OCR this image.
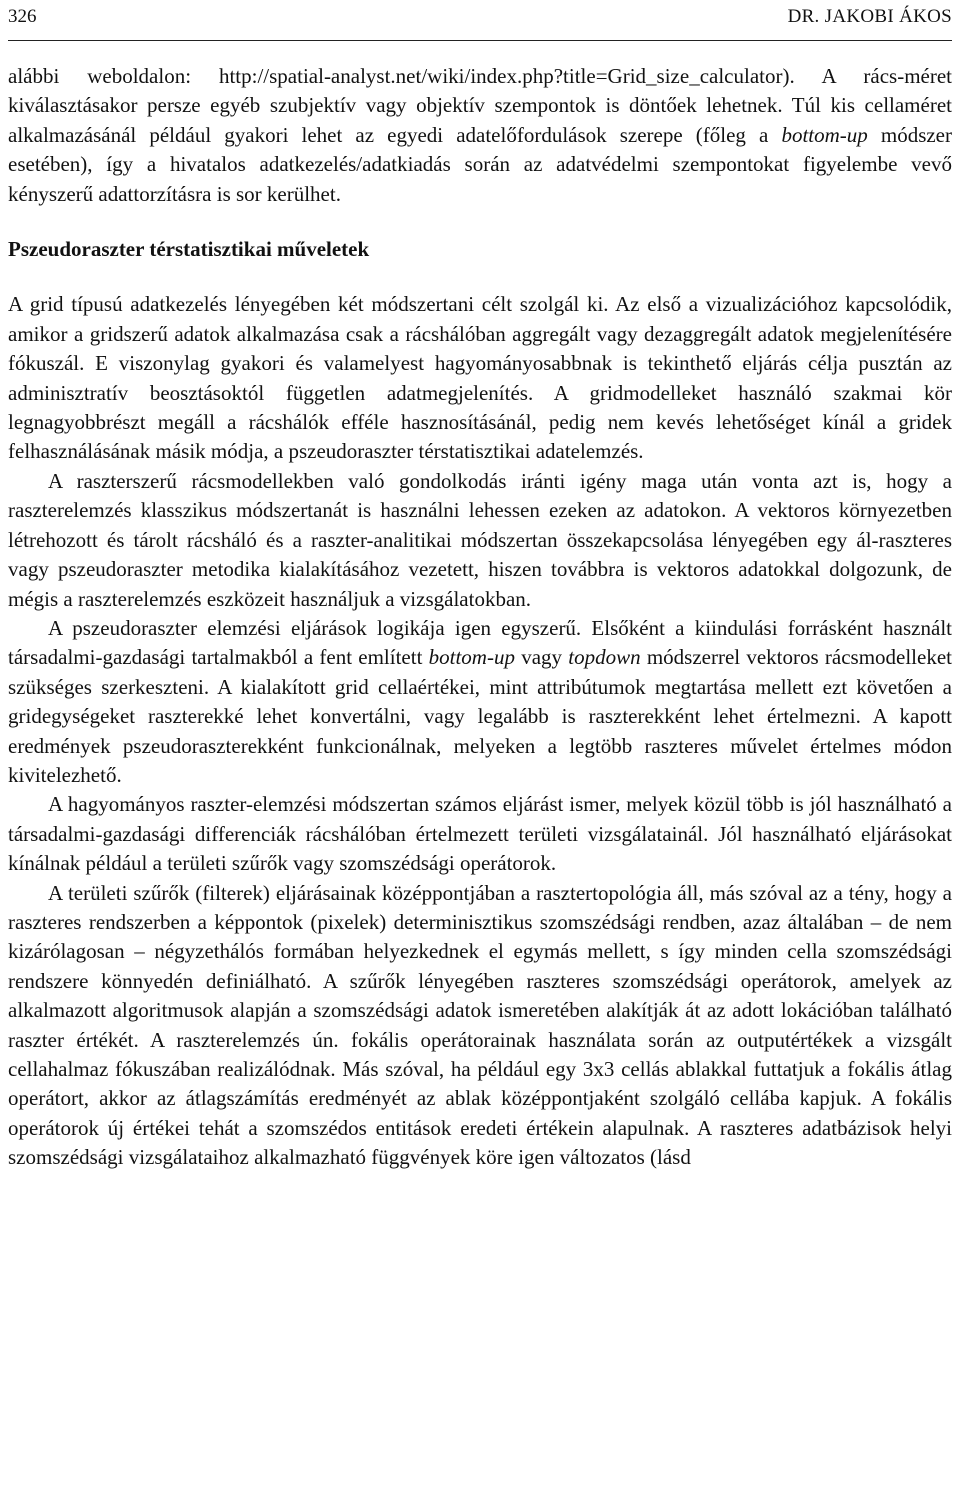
326	DR. JAKOBI ÁKOS

alábbi weboldalon: http://spatial-analyst.net/wiki/index.php?title=Grid_size_calculator). A rács-méret kiválasztásakor persze egyéb szubjektív vagy objektív szempontok is döntőek lehetnek. Túl kis cellaméret alkalmazásánál például gyakori lehet az egyedi adatelőfordulások szerepe (főleg a bottom-up módszer esetében), így a hivatalos adatkezelés/adatkiadás során az adatvédelmi szempontokat figyelembe vevő kényszerű adattorzításra is sor kerülhet.

Pszeudoraszter térstatisztikai műveletek

A grid típusú adatkezelés lényegében két módszertani célt szolgál ki. Az első a vizualizációhoz kapcsolódik, amikor a gridszerű adatok alkalmazása csak a rácshálóban aggregált vagy dezaggregált adatok megjelenítésére fókuszál. E viszonylag gyakori és valamelyest hagyományosabbnak is tekinthető eljárás célja pusztán az adminisztratív beosztásoktól független adatmegjelenítés. A gridmodelleket használó szakmai kör legnagyobbrészt megáll a rácshálók efféle hasznosításánál, pedig nem kevés lehetőséget kínál a gridek felhasználásának másik módja, a pszeudoraszter térstatisztikai adatelemzés.

A raszterszerű rácsmodellekben való gondolkodás iránti igény maga után vonta azt is, hogy a raszterelemzés klasszikus módszertanát is használni lehessen ezeken az adatokon. A vektoros környezetben létrehozott és tárolt rácsháló és a raszter-analitikai módszertan összekapcsolása lényegében egy ál-raszteres vagy pszeudoraszter metodika kialakításához vezetett, hiszen továbbra is vektoros adatokkal dolgozunk, de mégis a raszterelemzés eszközeit használjuk a vizsgálatokban.

A pszeudoraszter elemzési eljárások logikája igen egyszerű. Elsőként a kiindulási forrásként használt társadalmi-gazdasági tartalmakból a fent említett bottom-up vagy topdown módszerrel vektoros rácsmodelleket szükséges szerkeszteni. A kialakított grid cellaértékei, mint attribútumok megtartása mellett ezt követően a gridegységeket raszterekké lehet konvertálni, vagy legalább is raszterekként lehet értelmezni. A kapott eredmények pszeudoraszterekként funkcionálnak, melyeken a legtöbb raszteres művelet értelmes módon kivitelezhető.

A hagyományos raszter-elemzési módszertan számos eljárást ismer, melyek közül több is jól használható a társadalmi-gazdasági differenciák rácshálóban értelmezett területi vizsgálatainál. Jól használható eljárásokat kínálnak például a területi szűrők vagy szomszédsági operátorok.

A területi szűrők (filterek) eljárásainak középpontjában a rasztertopológia áll, más szóval az a tény, hogy a raszteres rendszerben a képpontok (pixelek) determinisztikus szomszédsági rendben, azaz általában – de nem kizárólagosan – négyzethálós formában helyezkednek el egymás mellett, s így minden cella szomszédsági rendszere könnyedén definiálható. A szűrők lényegében raszteres szomszédsági operátorok, amelyek az alkalmazott algoritmusok alapján a szomszédsági adatok ismeretében alakítják át az adott lokációban található raszter értékét. A raszterelemzés ún. fokális operátorainak használata során az outputértékek a vizsgált cellahalmaz fókuszában realizálódnak. Más szóval, ha például egy 3x3 cellás ablakkal futtatjuk a fokális átlag operátort, akkor az átlagszámítás eredményét az ablak középpontjaként szolgáló cellába kapjuk. A fokális operátorok új értékei tehát a szomszédos entitások eredeti értékein alapulnak. A raszteres adatbázisok helyi szomszédsági vizsgálataihoz alkalmazható függvények köre igen változatos (lásd
